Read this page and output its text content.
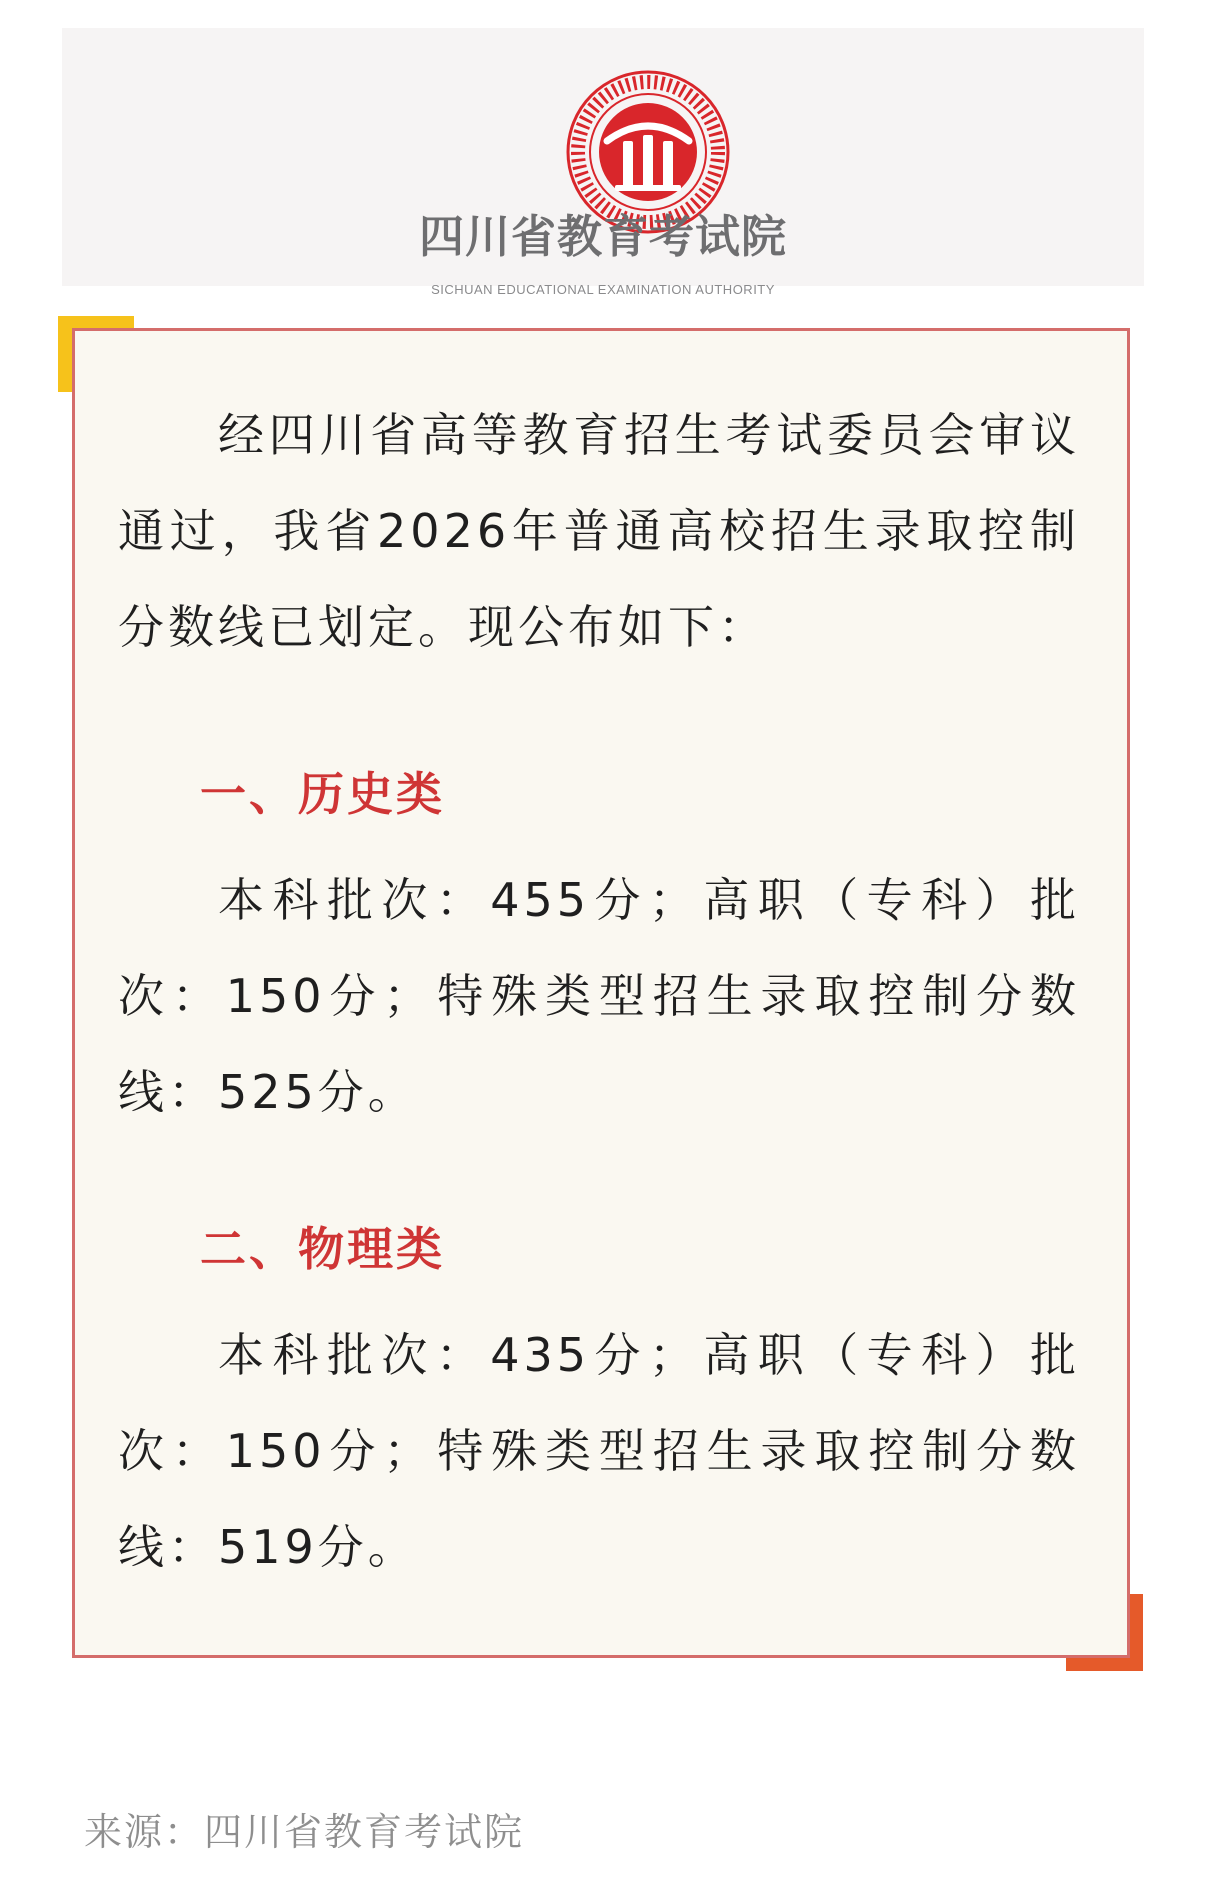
四川省教育考试院
SICHUAN EDUCATIONAL EXAMINATION AUTHORITY

经四川省高等教育招生考试委员会审议通过，我省2026年普通高校招生录取控制分数线已划定。现公布如下：

一、历史类

本科批次：455分；高职（专科）批次：150分；特殊类型招生录取控制分数线：525分。

二、物理类

本科批次：435分；高职（专科）批次：150分；特殊类型招生录取控制分数线：519分。

来源：四川省教育考试院
